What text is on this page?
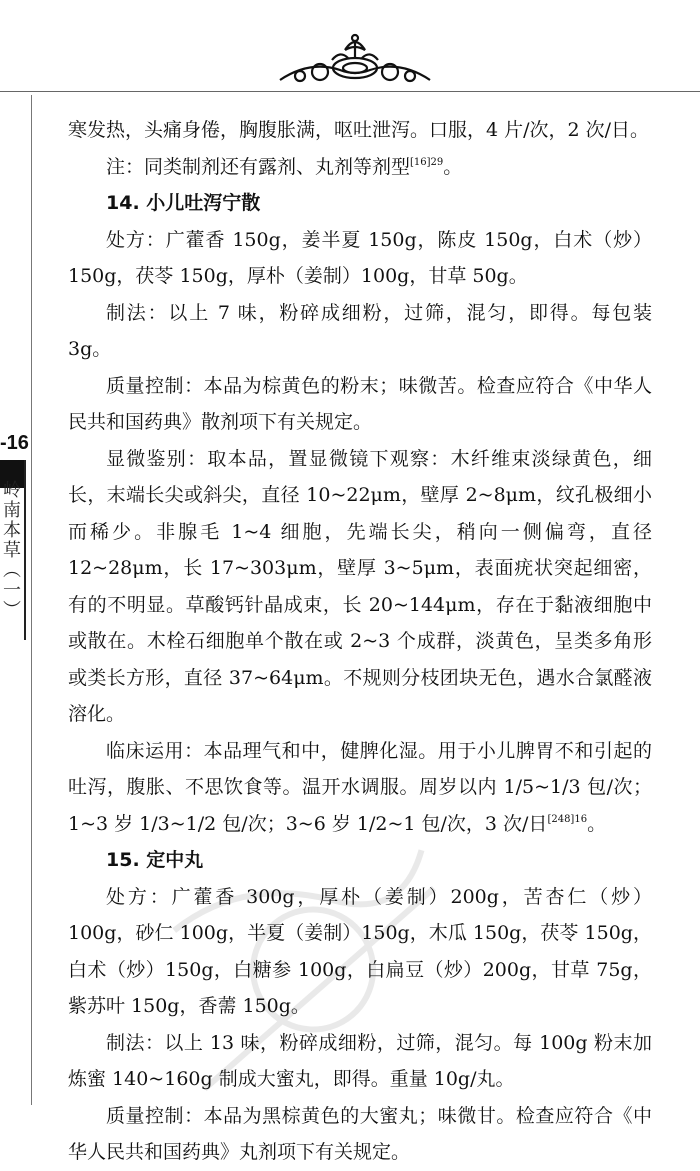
-16
岭南本草（一）

寒发热，头痛身倦，胸腹胀满，呕吐泄泻。口服，4 片/次，2 次/日。

注：同类制剂还有露剂、丸剂等剂型$^{[16]29}$。

14. 小儿吐泻宁散

处方：广藿香 150g，姜半夏 150g，陈皮 150g，白术（炒）150g，茯苓 150g，厚朴（姜制）100g，甘草 50g。

制法：以上 7 味，粉碎成细粉，过筛，混匀，即得。每包装 3g。

质量控制：本品为棕黄色的粉末；味微苦。检查应符合《中华人民共和国药典》散剂项下有关规定。

显微鉴别：取本品，置显微镜下观察：木纤维束淡绿黄色，细长，末端长尖或斜尖，直径 10~22μm，壁厚 2~8μm，纹孔极细小而稀少。非腺毛 1~4 细胞，先端长尖，稍向一侧偏弯，直径 12~28μm，长 17~303μm，壁厚 3~5μm，表面疣状突起细密，有的不明显。草酸钙针晶成束，长 20~144μm，存在于黏液细胞中或散在。木栓石细胞单个散在或 2~3 个成群，淡黄色，呈类多角形或类长方形，直径 37~64μm。不规则分枝团块无色，遇水合氯醛液溶化。

临床运用：本品理气和中，健脾化湿。用于小儿脾胃不和引起的吐泻，腹胀、不思饮食等。温开水调服。周岁以内 1/5~1/3 包/次；1~3 岁 1/3~1/2 包/次；3~6 岁 1/2~1 包/次，3 次/日$^{[248]16}$。

15. 定中丸

处方：广藿香 300g，厚朴（姜制）200g，苦杏仁（炒）100g，砂仁 100g，半夏（姜制）150g，木瓜 150g，茯苓 150g，白术（炒）150g，白糖参 100g，白扁豆（炒）200g，甘草 75g，紫苏叶 150g，香薷 150g。

制法：以上 13 味，粉碎成细粉，过筛，混匀。每 100g 粉末加炼蜜 140~160g 制成大蜜丸，即得。重量 10g/丸。

质量控制：本品为黑棕黄色的大蜜丸；味微甘。检查应符合《中华人民共和国药典》丸剂项下有关规定。
